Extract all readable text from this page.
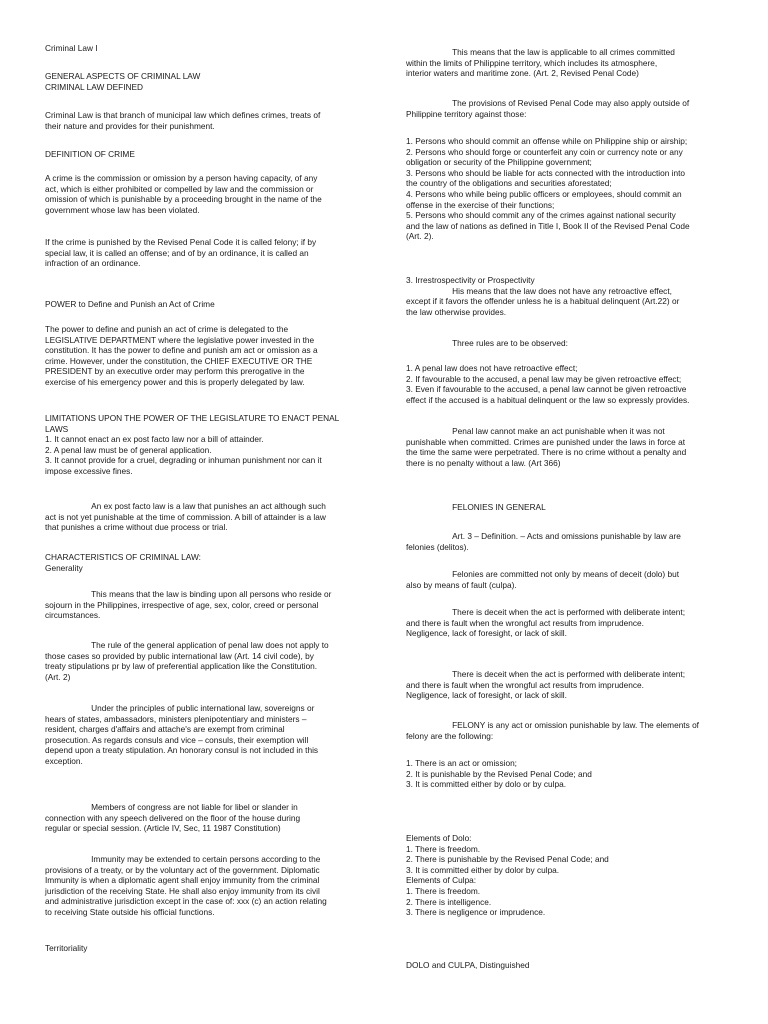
Criminal Law I

GENERAL ASPECTS OF CRIMINAL LAW
CRIMINAL LAW DEFINED

Criminal Law is that branch of municipal law which defines crimes, treats of
their nature and provides for their punishment.

DEFINITION OF CRIME

A crime is the commission or omission by a person having capacity, of any
act, which is either prohibited or compelled by law and the commission or
omission of which is punishable by a proceeding brought in the name of the
government whose law has been violated.

If the crime is punished by the Revised Penal Code it is called felony; if by
special law, it is called an offense; and of by an ordinance, it is called an
infraction of an ordinance.

POWER to Define and Punish an Act of Crime

The power to define and punish an act of crime is delegated to the
LEGISLATIVE DEPARTMENT where the legislative power invested in the
constitution. It has the power to define and punish am act or omission as a
crime. However, under the constitution, the CHIEF EXECUTIVE OR THE
PRESIDENT by an executive order may perform this prerogative in the
exercise of his emergency power and this is properly delegated by law.

LIMITATIONS UPON THE POWER OF THE LEGISLATURE TO ENACT PENAL
LAWS
1. It cannot enact an ex post facto law nor a bill of attainder.
2. A penal law must be of general application.
3. It cannot provide for a cruel, degrading or inhuman punishment nor can it
impose excessive fines.

An ex post facto law is a law that punishes an act although such
act is not yet punishable at the time of commission. A bill of attainder is a law
that punishes a crime without due process or trial.

CHARACTERISTICS OF CRIMINAL LAW:
Generality

This means that the law is binding upon all persons who reside or
sojourn in the Philippines, irrespective of age, sex, color, creed or personal
circumstances.

The rule of the general application of penal law does not apply to
those cases so provided by public international law (Art. 14 civil code), by
treaty stipulations pr by law of preferential application like the Constitution.
(Art. 2)

Under the principles of public international law, sovereigns or
hears of states, ambassadors, ministers plenipotentiary and ministers –
resident, charges d'affairs and attache's are exempt from criminal
prosecution. As regards consuls and vice – consuls, their exemption will
depend upon a treaty stipulation. An honorary consul is not included in this
exception.

Members of congress are not liable for libel or slander in
connection with any speech delivered on the floor of the house during
regular or special session. (Article IV, Sec, 11 1987 Constitution)

Immunity may be extended to certain persons according to the
provisions of a treaty, or by the voluntary act of the government. Diplomatic
Immunity is when a diplomatic agent shall enjoy immunity from the criminal
jurisdiction of the receiving State. He shall also enjoy immunity from its civil
and administrative jurisdiction except in the case of: xxx (c) an action relating
to receiving State outside his official functions.

Territoriality

This means that the law is applicable to all crimes committed
within the limits of Philippine territory, which includes its atmosphere,
interior waters and maritime zone. (Art. 2, Revised Penal Code)

The provisions of Revised Penal Code may also apply outside of
Philippine territory against those:

1. Persons who should commit an offense while on Philippine ship or airship;
2. Persons who should forge or counterfeit any coin or currency note or any
obligation or security of the Philippine government;
3. Persons who should be liable for acts connected with the introduction into
the country of the obligations and securities aforestated;
4. Persons who while being public officers or employees, should commit an
offense in the exercise of their functions;
5. Persons who should commit any of the crimes against national security
and the law of nations as defined in Title I, Book II of the Revised Penal Code
(Art. 2).

3. Irrestrospectivity or Prospectivity
His means that the law does not have any retroactive effect,
except if it favors the offender unless he is a habitual delinquent (Art.22) or
the law otherwise provides.

Three rules are to be observed:

1. A penal law does not have retroactive effect;
2. If favourable to the accused, a penal law may be given retroactive effect;
3. Even if favourable to the accused, a penal law cannot be given retroactive
effect if the accused is a habitual delinquent or the law so expressly provides.

Penal law cannot make an act punishable when it was not
punishable when committed. Crimes are punished under the laws in force at
the time the same were perpetrated. There is no crime without a penalty and
there is no penalty without a law. (Art 366)

FELONIES IN GENERAL

Art. 3 – Definition. – Acts and omissions punishable by law are
felonies (delitos).

Felonies are committed not only by means of deceit (dolo) but
also by means of fault (culpa).

There is deceit when the act is performed with deliberate intent;
and there is fault when the wrongful act results from imprudence.
Negligence, lack of foresight, or lack of skill.

There is deceit when the act is performed with deliberate intent;
and there is fault when the wrongful act results from imprudence.
Negligence, lack of foresight, or lack of skill.

FELONY is any act or omission punishable by law. The elements of
felony are the following:

1. There is an act or omission;
2. It is punishable by the Revised Penal Code; and
3. It is committed either by dolo or by culpa.

Elements of Dolo:
1. There is freedom.
2. There is punishable by the Revised Penal Code; and
3. It is committed either by dolor by culpa.
Elements of Culpa:
1. There is freedom.
2. There is intelligence.
3. There is negligence or imprudence.

DOLO and CULPA, Distinguished
